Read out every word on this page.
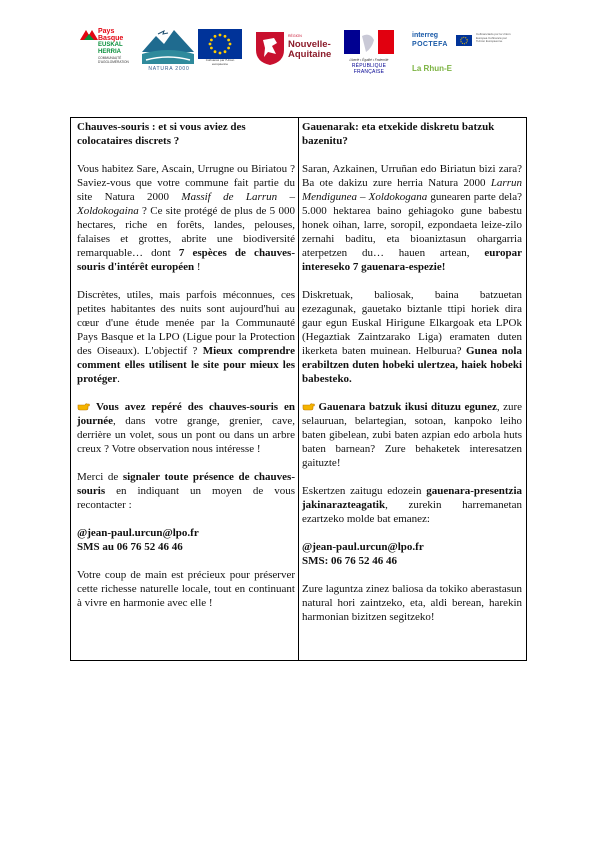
Pays
Basque
EUSKAL
HERRIA
COMMUNAUTÉ D'AGGLOMÉRATION
NATURA 2000
Cofinancé par l'Union européenne
RÉGION
Nouvelle-
Aquitaine	Liberté • Égalité • Fraternité
RÉPUBLIQUE FRANÇAISE
interreg
POCTEFA
Cofinanciado por la Unión Europea Cofinancé par l'Union Européenne
La Rhun-E

Chauves-souris : et si vous aviez des colocataires discrets ?

Vous habitez Sare, Ascain, Urrugne ou Biriatou ? Saviez-vous que votre commune fait partie du site Natura 2000 Massif de Larrun – Xoldokogaina ? Ce site protégé de plus de 5 000 hectares, riche en forêts, landes, pelouses, falaises et grottes, abrite une biodiversité remarquable… dont 7 espèces de chauves-souris d'intérêt européen !

Discrètes, utiles, mais parfois méconnues, ces petites habitantes des nuits sont aujourd'hui au cœur d'une étude menée par la Communauté Pays Basque et la LPO (Ligue pour la Protection des Oiseaux). L'objectif ? Mieux comprendre comment elles utilisent le site pour mieux les protéger.

Vous avez repéré des chauves-souris en journée, dans votre grange, grenier, cave, derrière un volet, sous un pont ou dans un arbre creux ? Votre observation nous intéresse !

Merci de signaler toute présence de chauves-souris en indiquant un moyen de vous recontacter :

@jean-paul.urcun@lpo.fr
SMS au 06 76 52 46 46

Votre coup de main est précieux pour préserver cette richesse naturelle locale, tout en continuant à vivre en harmonie avec elle !

Gauenarak: eta etxekide diskretu batzuk bazenitu?

Saran, Azkainen, Urruñan edo Biriatun bizi zara? Ba ote dakizu zure herria Natura 2000 Larrun Mendigunea – Xoldokogana gunearen parte dela? 5.000 hektarea baino gehiagoko gune babestu honek oihan, larre, soropil, ezpondaeta leize-zilo zernahi baditu, eta bioaniztasun ohargarria aterpetzen du… hauen artean, europar intereseko 7 gauenara-espezie!

Diskretuak, baliosak, baina batzuetan ezezagunak, gauetako biztanle ttipi horiek dira gaur egun Euskal Hirigune Elkargoak eta LPOk (Hegaztiak Zaintzarako Liga) eramaten duten ikerketa baten muinean. Helburua? Gunea nola erabiltzen duten hobeki ulertzea, haiek hobeki babesteko.

Gauenara batzuk ikusi dituzu egunez, zure selauruan, belartegian, sotoan, kanpoko leiho baten gibelean, zubi baten azpian edo arbola huts baten barnean? Zure behaketek interesatzen gaituzte!

Eskertzen zaitugu edozein gauenara-presentzia jakinarazteagatik, zurekin harremanetan ezartzeko molde bat emanez:

@jean-paul.urcun@lpo.fr
SMS: 06 76 52 46 46

Zure laguntza zinez baliosa da tokiko aberastasun natural hori zaintzeko, eta, aldi berean, harekin harmonian bizitzen segitzeko!
